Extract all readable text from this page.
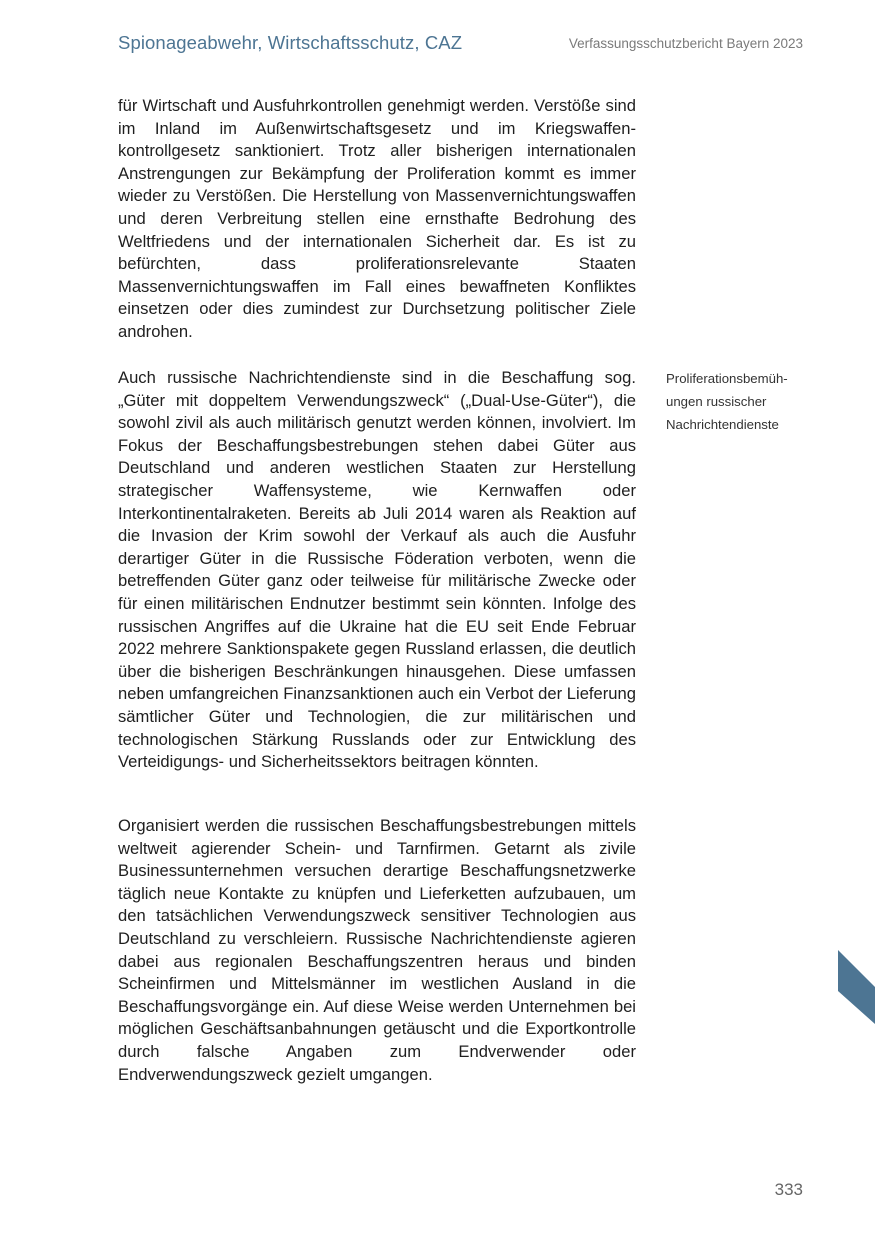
Spionageabwehr, Wirtschaftsschutz, CAZ	Verfassungsschutzbericht Bayern 2023

für Wirtschaft und Ausfuhrkontrollen genehmigt werden. Verstöße sind im Inland im Außenwirtschaftsgesetz und im Kriegswaffenkontrollgesetz sanktioniert. Trotz aller bisherigen internationalen Anstrengungen zur Bekämpfung der Proliferation kommt es immer wieder zu Verstößen. Die Herstellung von Massenvernichtungswaffen und deren Verbreitung stellen eine ernsthafte Bedrohung des Weltfriedens und der internationalen Sicherheit dar. Es ist zu befürchten, dass proliferationsrelevante Staaten Massenvernichtungswaffen im Fall eines bewaffneten Konfliktes einsetzen oder dies zumindest zur Durchsetzung politischer Ziele androhen.

Auch russische Nachrichtendienste sind in die Beschaffung sog. „Güter mit doppeltem Verwendungszweck“ („Dual-Use-Güter“), die sowohl zivil als auch militärisch genutzt werden können, involviert. Im Fokus der Beschaffungsbestrebungen stehen dabei Güter aus Deutschland und anderen westlichen Staaten zur Herstellung strategischer Waffensysteme, wie Kernwaffen oder Interkontinentalraketen. Bereits ab Juli 2014 waren als Reaktion auf die Invasion der Krim sowohl der Verkauf als auch die Ausfuhr derartiger Güter in die Russische Föderation verboten, wenn die betreffenden Güter ganz oder teilweise für militärische Zwecke oder für einen militärischen Endnutzer bestimmt sein könnten. Infolge des russischen Angriffes auf die Ukraine hat die EU seit Ende Februar 2022 mehrere Sanktionspakete gegen Russland erlassen, die deutlich über die bisherigen Beschränkungen hinausgehen. Diese umfassen neben umfangreichen Finanzsanktionen auch ein Verbot der Lieferung sämtlicher Güter und Technologien, die zur militärischen und technologischen Stärkung Russlands oder zur Entwicklung des Verteidigungs- und Sicherheitssektors beitragen könnten.

Organisiert werden die russischen Beschaffungsbestrebungen mittels weltweit agierender Schein- und Tarnfirmen. Getarnt als zivile Businessunternehmen versuchen derartige Beschaffungsnetzwerke täglich neue Kontakte zu knüpfen und Lieferketten aufzubauen, um den tatsächlichen Verwendungszweck sensitiver Technologien aus Deutschland zu verschleiern. Russische Nachrichtendienste agieren dabei aus regionalen Beschaffungszentren heraus und binden Scheinfirmen und Mittelsmänner im westlichen Ausland in die Beschaffungsvorgänge ein. Auf diese Weise werden Unternehmen bei möglichen Geschäftsanbahnungen getäuscht und die Exportkontrolle durch falsche Angaben zum Endverwender oder Endverwendungszweck gezielt umgangen.

Proliferationsbemüh-
ungen russischer
Nachrichtendienste
333
